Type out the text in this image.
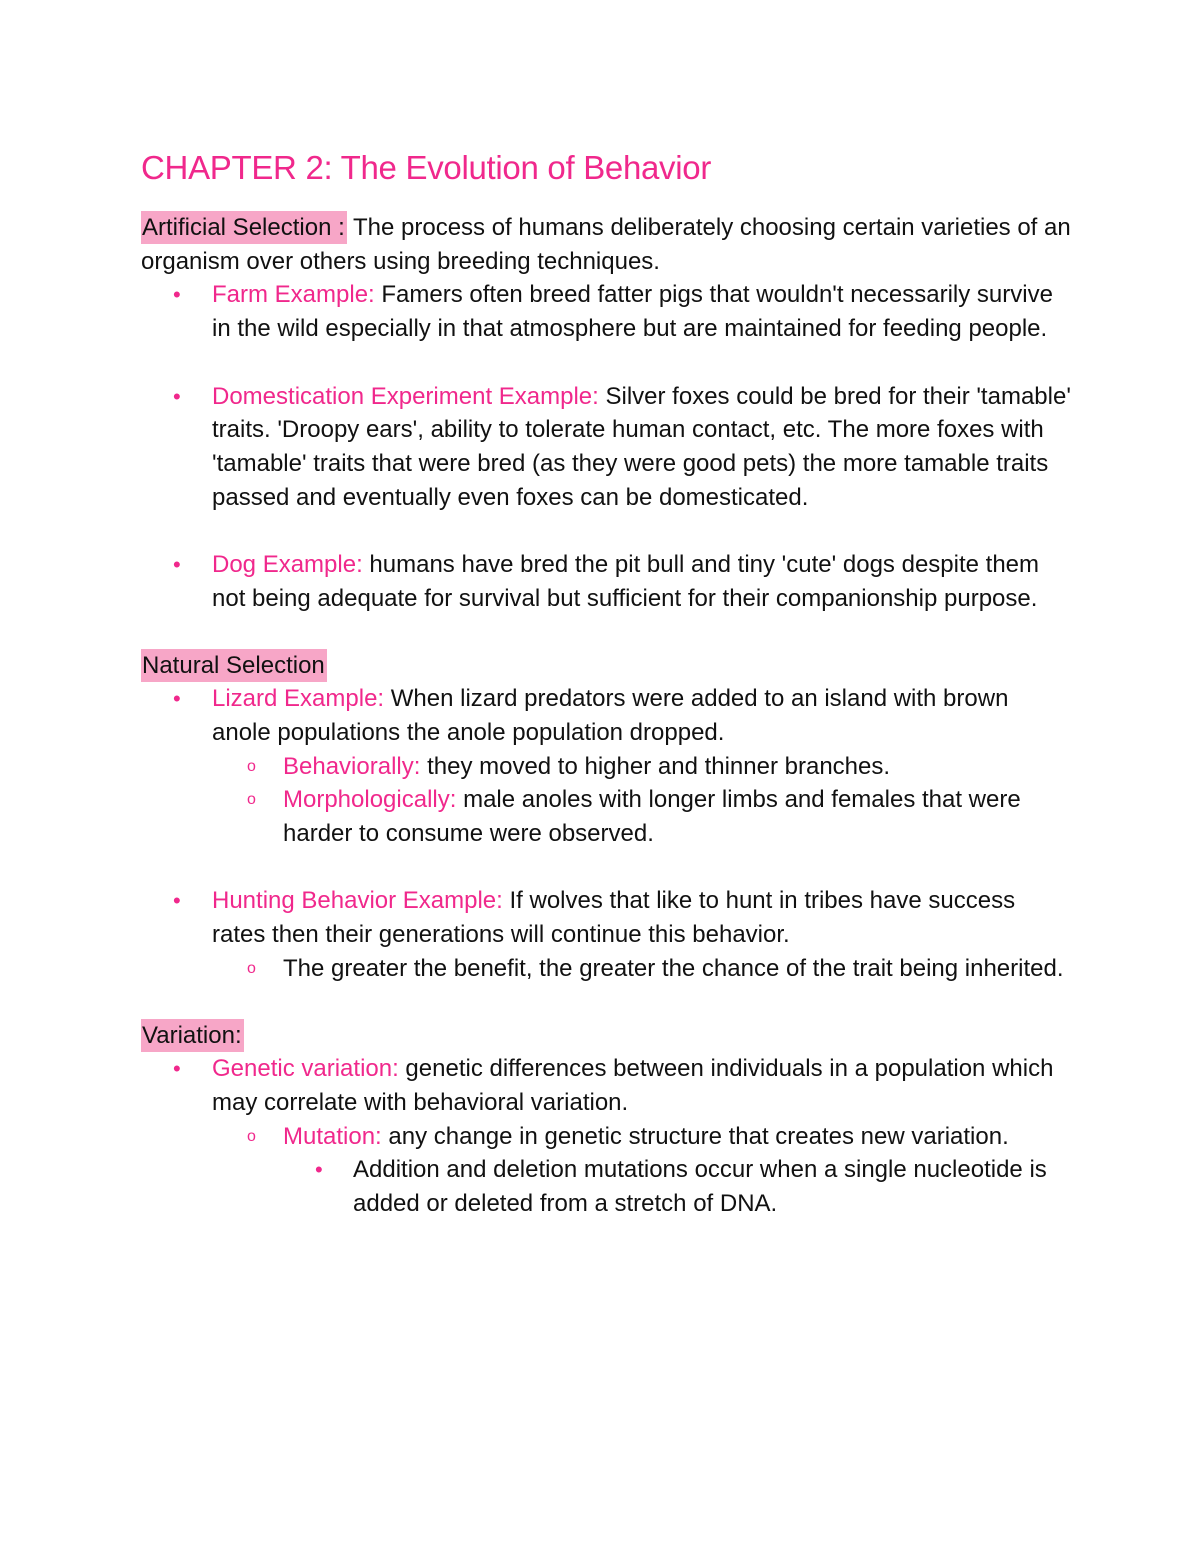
CHAPTER 2: The Evolution of Behavior

Artificial Selection : The process of humans deliberately choosing certain varieties of an organism over others using breeding techniques.

• Farm Example: Famers often breed fatter pigs that wouldn't necessarily survive in the wild especially in that atmosphere but are maintained for feeding people.
• Domestication Experiment Example: Silver foxes could be bred for their 'tamable' traits. 'Droopy ears', ability to tolerate human contact, etc. The more foxes with 'tamable' traits that were bred (as they were good pets) the more tamable traits passed and eventually even foxes can be domesticated.
• Dog Example: humans have bred the pit bull and tiny 'cute' dogs despite them not being adequate for survival but sufficient for their companionship purpose.
Natural Selection
• Lizard Example: When lizard predators were added to an island with brown anole populations the anole population dropped.
o Behaviorally: they moved to higher and thinner branches.
o Morphologically: male anoles with longer limbs and females that were harder to consume were observed.
• Hunting Behavior Example: If wolves that like to hunt in tribes have success rates then their generations will continue this behavior.
o The greater the benefit, the greater the chance of the trait being inherited.
Variation:
• Genetic variation: genetic differences between individuals in a population which may correlate with behavioral variation.
o Mutation: any change in genetic structure that creates new variation.
• Addition and deletion mutations occur when a single nucleotide is added or deleted from a stretch of DNA.
